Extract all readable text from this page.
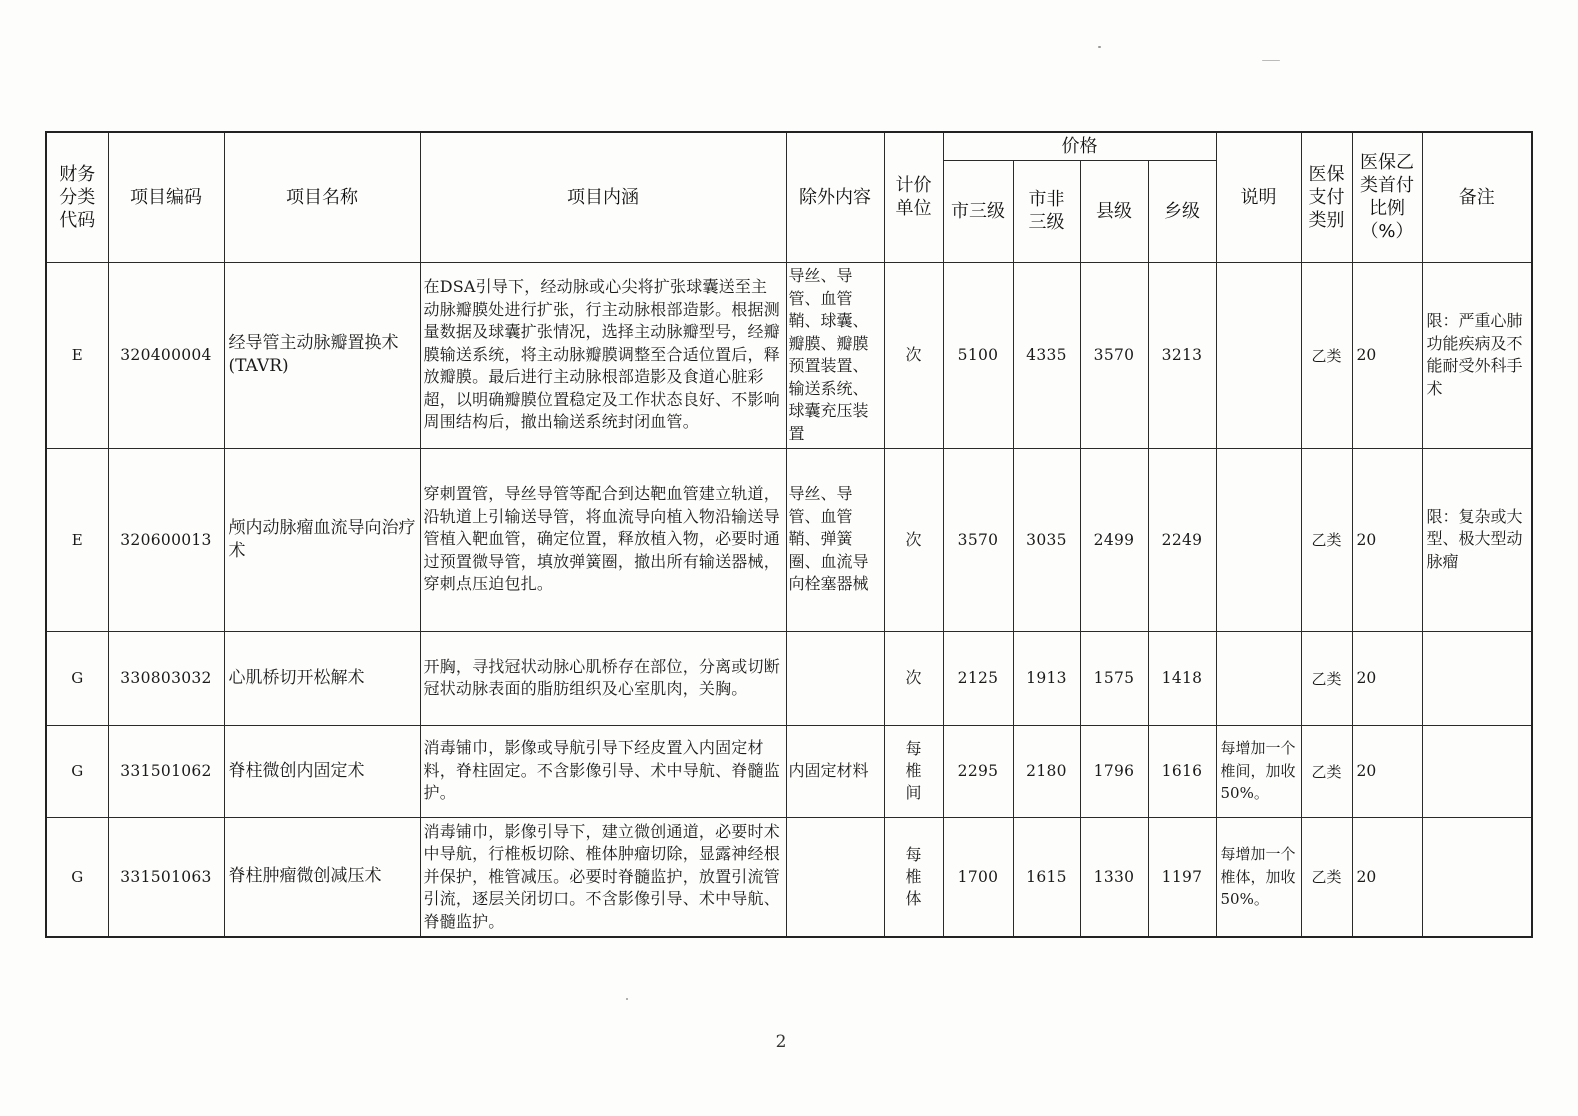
财务分类代码	项目编码	项目名称	项目内涵	除外内容	计价单位	价格				说明	医保支付类别	医保乙类首付比例（%）	备注
						市三级	市非三级	县级	乡级				
E	320400004	经导管主动脉瓣置换术(TAVR)	在DSA引导下，经动脉或心尖将扩张球囊送至主动脉瓣膜处进行扩张，行主动脉根部造影。根据测量数据及球囊扩张情况，选择主动脉瓣型号，经瓣膜输送系统，将主动脉瓣膜调整至合适位置后，释放瓣膜。最后进行主动脉根部造影及食道心脏彩超，以明确瓣膜位置稳定及工作状态良好、不影响周围结构后，撤出输送系统封闭血管。	导丝、导管、血管鞘、球囊、瓣膜、瓣膜预置装置、输送系统、球囊充压装置	次	5100	4335	3570	3213		乙类	20	限：严重心肺功能疾病及不能耐受外科手术
E	320600013	颅内动脉瘤血流导向治疗术	穿刺置管，导丝导管等配合到达靶血管建立轨道，沿轨道上引输送导管，将血流导向植入物沿输送导管植入靶血管，确定位置，释放植入物，必要时通过预置微导管，填放弹簧圈，撤出所有输送器械，穿刺点压迫包扎。	导丝、导管、血管鞘、弹簧圈、血流导向栓塞器械	次	3570	3035	2499	2249		乙类	20	限：复杂或大型、极大型动脉瘤
G	330803032	心肌桥切开松解术	开胸，寻找冠状动脉心肌桥存在部位，分离或切断冠状动脉表面的脂肪组织及心室肌肉，关胸。		次	2125	1913	1575	1418		乙类	20	
G	331501062	脊柱微创内固定术	消毒铺巾，影像或导航引导下经皮置入内固定材料，脊柱固定。不含影像引导、术中导航、脊髓监护。	内固定材料	每椎间	2295	2180	1796	1616	每增加一个椎间，加收50%。	乙类	20	
G	331501063	脊柱肿瘤微创减压术	消毒铺巾，影像引导下，建立微创通道，必要时术中导航，行椎板切除、椎体肿瘤切除，显露神经根并保护，椎管减压。必要时脊髓监护，放置引流管引流，逐层关闭切口。不含影像引导、术中导航、脊髓监护。		每椎体	1700	1615	1330	1197	每增加一个椎体，加收50%。	乙类	20	
2
